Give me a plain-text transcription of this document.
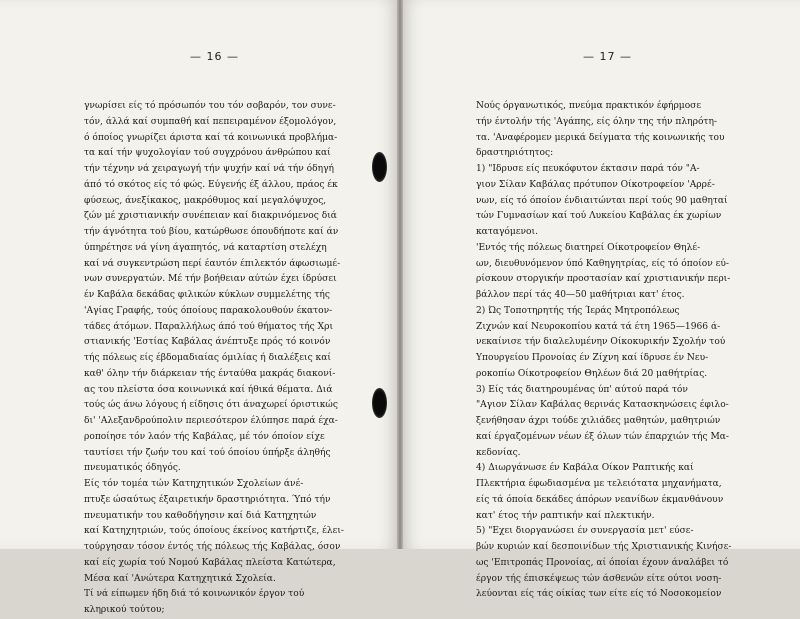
— 16 —
γνωρίσει είς τό πρόσωπόν του τόν σοβαρόν, τον συνε-
τόν, άλλά καί συμπαθή καί πεπειραμένον έξομολόγον,
ό όποίος γνωρίζει άριστα καί τά κοινωνικά προβλήμα-
τα καί τήν ψυχολογίαν τού συγχρόνου άνθρώπου καί
τήν τέχνην νά χειραγωγή τήν ψυχήν καί νά τήν όδηγή
άπό τό σκότος είς τό φώς. Εύγενής έξ άλλου, πράος έκ
φύσεως, άνεξίκακος, μακρόθυμος καί μεγαλόψυχος,
ζών μέ χριστιανικήν συνέπειαν καί διακρινόμενος διά
τήν άγνότητα τού βίου, κατώρθωσε όπουδήποτε καί άν
ύπηρέτησε νά γίνη άγαπητός, νά καταρτίση στελέχη
καί νά συγκεντρώση περί έαυτόν έπιλεκτόν άφωσιωμέ-
νων συνεργατών. Μέ τήν βοήθειαν αύτών έχει ίδρύσει
έν Καβάλα δεκάδας φιλικών κύκλων συμμελέτης τής
'Αγίας Γραφής, τούς όποίους παρακολουθούν έκατον-
τάδες άτόμων. Παραλλήλως άπό τού θήματος τής Χρι
στιανικής 'Εστίας Καβάλας άνέπτυξε πρός τό κοινόν
τής πόλεως είς έβδομαδιαίας όμιλίας ή διαλέξεις καί
καθ' όλην τήν διάρκειαν τής ένταύθα μακράς διακονί-
ας του πλείστα όσα κοινωνικά καί ήθικά θέματα. Διά
τούς ώς άνω λόγους ή είδησις ότι άναχωρεί όριστικώς
δι' 'Αλεξανδρούπολιν περιεσότερον έλύπησε παρά έχα-
ροποίησε τόν λαόν τής Καβάλας, μέ τόν όποίον είχε
ταυτίσει τήν ζωήν του καί τού όποίου ύπήρξε άληθής
πνευματικός όδηγός.
Είς τόν τομέα τών Κατηχητικών Σχολείων άνέ-
πτυξε ώσαύτως έξαιρετικήν δραστηριότητα. Ύπό τήν
πνευματικήν του καθοδήγησιν καί διά Κατηχητών
καί Κατηχητριών, τούς όποίους έκείνος κατήρτιζε, έλει-
τούργησαν τόσον έντός τής πόλεως τής Καβάλας, όσον
καί είς χωρία τού Νομού Καβάλας πλείστα Κατώτερα,
Μέσα καί 'Ανώτερα Κατηχητικά Σχολεία.
Τί νά είπωμεν ήδη διά τό κοινωνικόν έργον τού
κληρικού τούτου;
— 17 —
Νούς όργανωτικός, πνεύμα πρακτικόν έφήρμοσε
τήν έντολήν τής 'Αγάπης, είς όλην της τήν πληρότη-
τα. 'Αναφέρομεν μερικά δείγματα τής κοινωνικής του
δραστηριότητος:
1) "Ιδρυσε είς πευκόφυτον έκτασιν παρά τόν "Α-
γιον Σίλαν Καβάλας πρότυπον Οίκοτροφείον 'Αρρέ-
νων, είς τό όποίον ένδιαιτώνται περί τούς 90 μαθηταί
τών Γυμνασίων καί τού Λυκείου Καβάλας έκ χωρίων
καταγόμενοι.
'Εντός τής πόλεως διατηρεί Οίκοτροφείον Θηλέ-
ων, διευθυνόμενον ύπό Καθηγητρίας, είς τό όποίον εύ-
ρίσκουν στοργικήν προστασίαν καί χριστιανικήν περι-
βάλλον περί τάς 40—50 μαθήτριαι κατ' έτος.
2) Ώς Τοποτηρητής τής Ίεράς Μητροπόλεως
Ζιχνών καί Νευροκοπίου κατά τά έτη 1965—1966 ά-
νεκαίνισε τήν διαλελυμένην Οίκοκυρικήν Σχολήν τού
Υπουργείου Προνοίας έν Ζίχνη καί ίδρυσε έν Νευ-
ροκοπίω Οίκοτροφείον Θηλέων διά 20 μαθήτρίας.
3) Είς τάς διατηρουμένας ύπ' αύτού παρά τόν
"Αγιον Σίλαν Καβάλας θερινάς Κατασκηνώσεις έφιλο-
ξενήθησαν άχρι τούδε χιλιάδες μαθητών, μαθητριών
καί έργαζομένων νέων έξ όλων τών έπαρχιών τής Μα-
κεδονίας.
4) Διωργάνωσε έν Καβάλα Οίκον Ραπτικής καί
Πλεκτήρια έφωδιασμένα με τελειότατα μηχανήματα,
είς τά όποία δεκάδες άπόρων νεανίδων έκμανθάνουν
κατ' έτος τήν ραπτικήν καί πλεκτικήν.
5) "Εχει διοργανώσει έν συνεργασία μετ' εύσε-
βών κυριών καί δεσποινίδων τής Χριστιανικής Κινήσε-
ως 'Επιτροπάς Προνοίας, αί όποίαι έχουν άναλάβει τό
έργον τής έπισκέψεως τών άσθενών είτε ούτοι νοση-
λεύονται είς τάς οίκίας των είτε είς τό Νοσοκομείον
